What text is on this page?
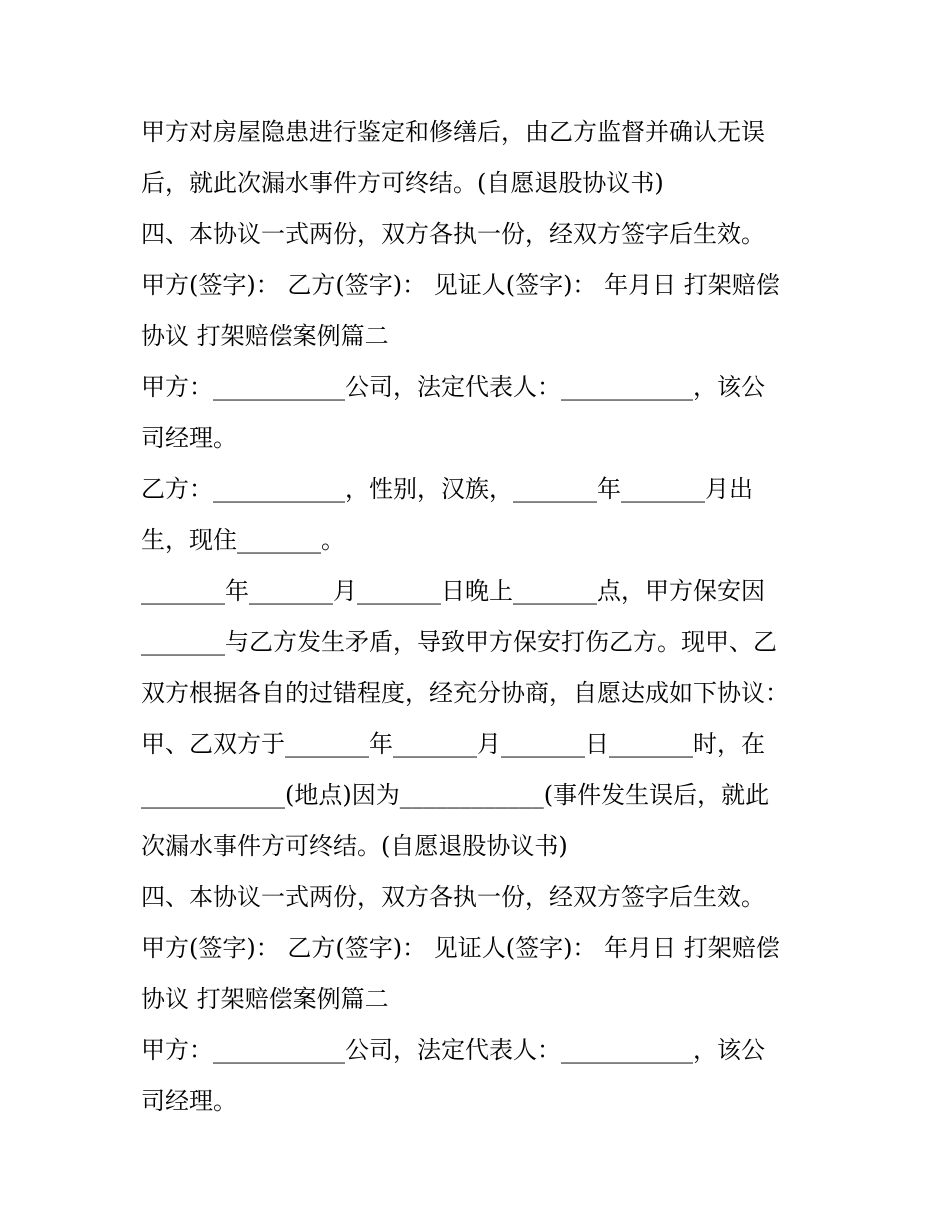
甲方对房屋隐患进行鉴定和修缮后，由乙方监督并确认无误
后，就此次漏水事件方可终结。(自愿退股协议书)
四、本协议一式两份，双方各执一份，经双方签字后生效。
甲方(签字)： 乙方(签字)： 见证人(签字)： 年月日 打架赔偿
协议 打架赔偿案例篇二
甲方：___________公司，法定代表人：___________，该公
司经理。
乙方：___________，性别，汉族，_______年_______月出
生，现住_______。
_______年_______月_______日晚上_______点，甲方保安因
_______与乙方发生矛盾，导致甲方保安打伤乙方。现甲、乙
双方根据各自的过错程度，经充分协商，自愿达成如下协议：
甲、乙双方于_______年_______月_______日_______时，在
____________(地点)因为____________(事件发生误后，就此
次漏水事件方可终结。(自愿退股协议书)
四、本协议一式两份，双方各执一份，经双方签字后生效。
甲方(签字)： 乙方(签字)： 见证人(签字)： 年月日 打架赔偿
协议 打架赔偿案例篇二
甲方：___________公司，法定代表人：___________，该公
司经理。
